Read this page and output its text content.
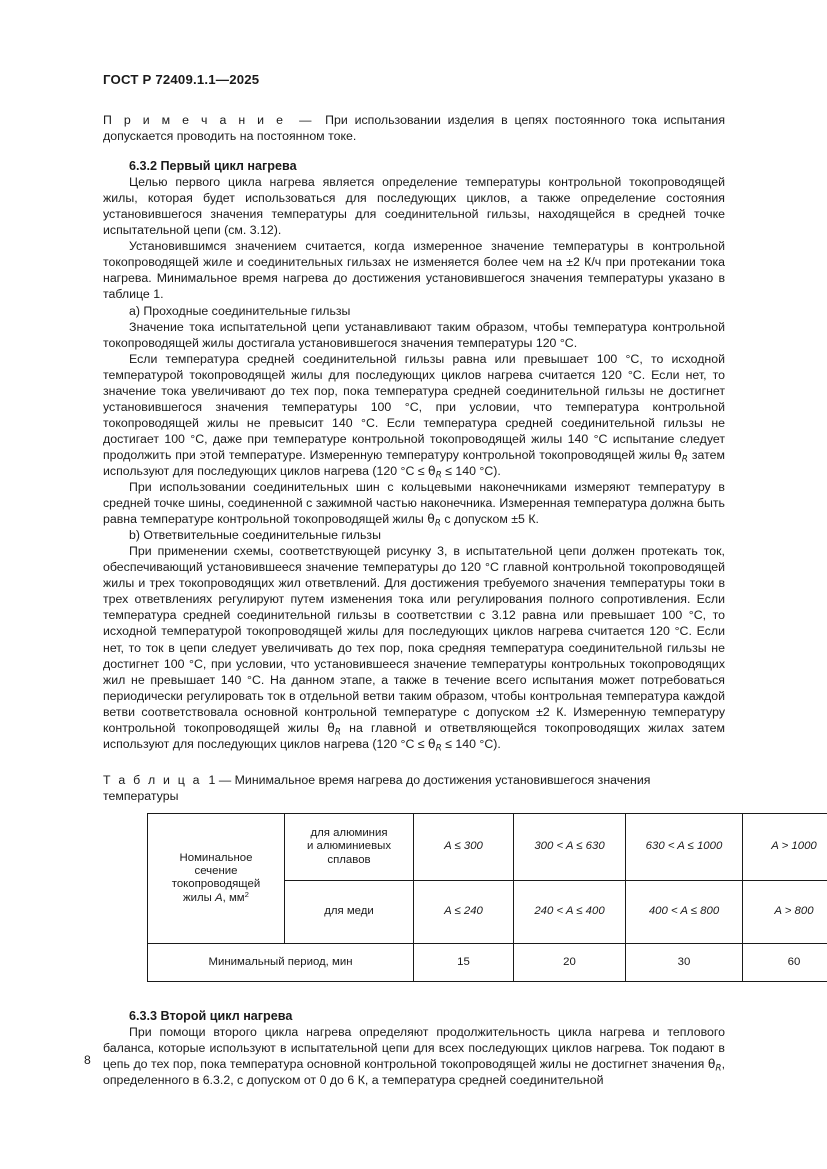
ГОСТ Р 72409.1.1—2025

П р и м е ч а н и е — При использовании изделия в цепях постоянного тока испытания допускается проводить на постоянном токе.

6.3.2 Первый цикл нагрева

Целью первого цикла нагрева является определение температуры контрольной токопроводящей жилы, которая будет использоваться для последующих циклов, а также определение состояния установившегося значения температуры для соединительной гильзы, находящейся в средней точке испытательной цепи (см. 3.12).

Установившимся значением считается, когда измеренное значение температуры в контрольной токопроводящей жиле и соединительных гильзах не изменяется более чем на ±2 К/ч при протекании тока нагрева. Минимальное время нагрева до достижения установившегося значения температуры указано в таблице 1.

a) Проходные соединительные гильзы

Значение тока испытательной цепи устанавливают таким образом, чтобы температура контрольной токопроводящей жилы достигала установившегося значения температуры 120 °C.

Если температура средней соединительной гильзы равна или превышает 100 °C, то исходной температурой токопроводящей жилы для последующих циклов нагрева считается 120 °C. Если нет, то значение тока увеличивают до тех пор, пока температура средней соединительной гильзы не достигнет установившегося значения температуры 100 °C, при условии, что температура контрольной токопроводящей жилы не превысит 140 °C. Если температура средней соединительной гильзы не достигает 100 °C, даже при температуре контрольной токопроводящей жилы 140 °C испытание следует продолжить при этой температуре. Измеренную температуру контрольной токопроводящей жилы $\theta_R$ затем используют для последующих циклов нагрева (120 $^\circ C \le \theta_R \le 140$ °C).

При использовании соединительных шин с кольцевыми наконечниками измеряют температуру в средней точке шины, соединенной с зажимной частью наконечника. Измеренная температура должна быть равна температуре контрольной токопроводящей жилы $\theta_R$ с допуском ±5 К.

b) Ответвительные соединительные гильзы

При применении схемы, соответствующей рисунку 3, в испытательной цепи должен протекать ток, обеспечивающий установившееся значение температуры до 120 °C главной контрольной токопроводящей жилы и трех токопроводящих жил ответвлений. Для достижения требуемого значения температуры токи в трех ответвлениях регулируют путем изменения тока или регулирования полного сопротивления. Если температура средней соединительной гильзы в соответствии с 3.12 равна или превышает 100 °C, то исходной температурой токопроводящей жилы для последующих циклов нагрева считается 120 °C. Если нет, то ток в цепи следует увеличивать до тех пор, пока средняя температура соединительной гильзы не достигнет 100 °C, при условии, что установившееся значение температуры контрольных токопроводящих жил не превышает 140 °C. На данном этапе, а также в течение всего испытания может потребоваться периодически регулировать ток в отдельной ветви таким образом, чтобы контрольная температура каждой ветви соответствовала основной контрольной температуре с допуском ±2 К. Измеренную температуру контрольной токопроводящей жилы $\theta_R$ на главной и ответвляющейся токопроводящих жилах затем используют для последующих циклов нагрева (120 $^\circ C \le \theta_R \le 140$ °C).

Т а б л и ц а 1 — Минимальное время нагрева до достижения установившегося значения температуры

Номинальное
сечение
токопроводящей
жилы A, $мм^2$	для алюминия
и алюминиевых
сплавов	A ≤ 300	300 < A ≤ 630	630 < A ≤ 1000	A > 1000

	для меди	A ≤ 240	240 < A ≤ 400	400 < A ≤ 800	A > 800
Минимальный период, мин		15	20	30	60
6.3.3 Второй цикл нагрева

При помощи второго цикла нагрева определяют продолжительность цикла нагрева и теплового баланса, которые используют в испытательной цепи для всех последующих циклов нагрева. Ток подают в цепь до тех пор, пока температура основной контрольной токопроводящей жилы не достигнет значения $\theta_R$, определенного в 6.3.2, с допуском от 0 до 6 К, а температура средней соединительной

8
